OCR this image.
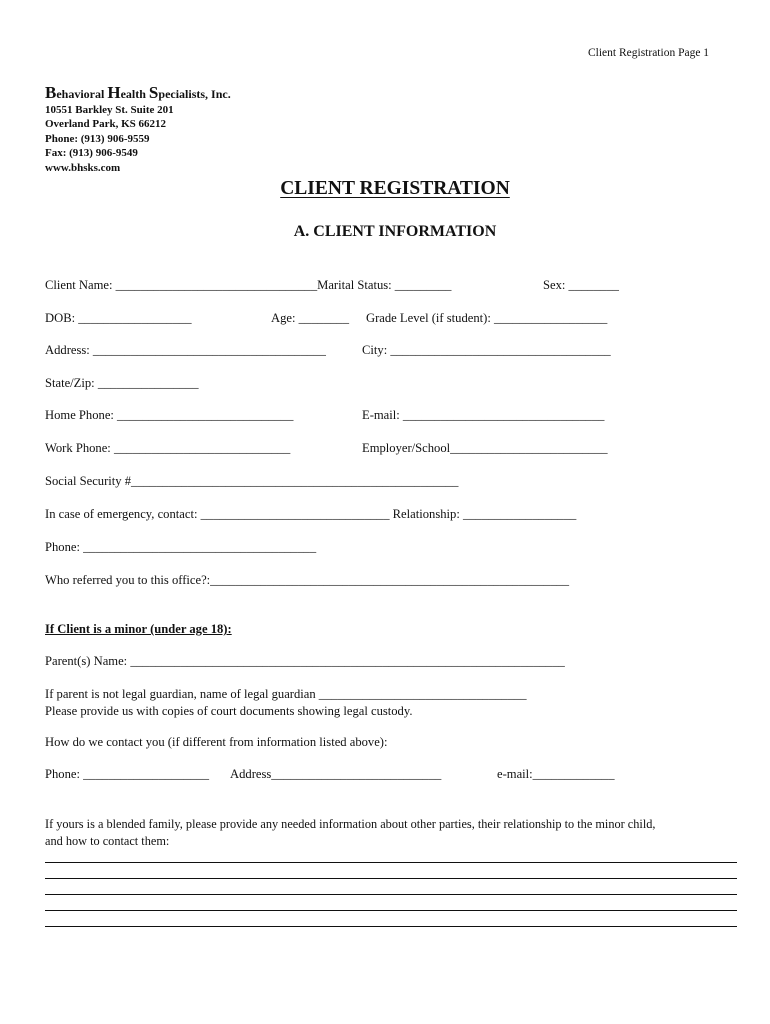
Client Registration Page 1
Behavioral Health Specialists, Inc.
10551 Barkley St. Suite 201
Overland Park, KS 66212
Phone: (913) 906-9559
Fax: (913) 906-9549
www.bhsks.com
CLIENT REGISTRATION
A. CLIENT INFORMATION
Client Name: ________________________________Marital Status: _________	Sex: ________
DOB: __________________	Age: ________ Grade Level (if student): __________________
Address: _____________________________________	City: ___________________________________
State/Zip: ________________
Home Phone: ____________________________	E-mail: ________________________________
Work Phone: ____________________________	Employer/School_________________________
Social Security #____________________________________________________
In case of emergency, contact: ______________________________ Relationship: __________________
Phone: _____________________________________
Who referred you to this office?:_________________________________________________________
If Client is a minor (under age 18):
Parent(s) Name: _____________________________________________________________________
If parent is not legal guardian, name of legal guardian _________________________________
Please provide us with copies of court documents showing legal custody.
How do we contact you (if different from information listed above):
Phone: ____________________ Address___________________________	e-mail:_____________
If yours is a blended family, please provide any needed information about other parties, their relationship to the minor child,
and how to contact them:
